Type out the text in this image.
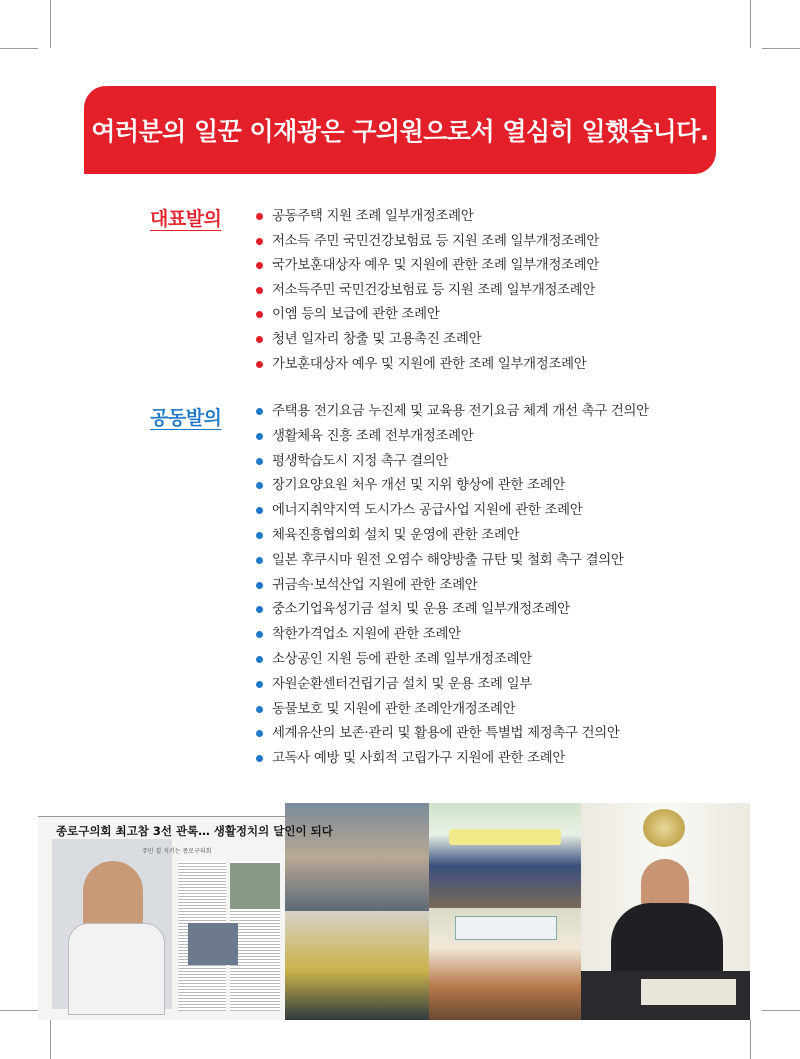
여러분의 일꾼 이재광은 구의원으로서 열심히 일했습니다.
대표발의	공동주택 지원 조례 일부개정조례안
저소득 주민 국민건강보험료 등 지원 조례 일부개정조례안
국가보훈대상자 예우 및 지원에 관한 조례 일부개정조례안
저소득주민 국민건강보험료 등 지원 조례 일부개정조례안
이엠 등의 보급에 관한 조례안
청년 일자리 창출 및 고용촉진 조례안
가보훈대상자 예우 및 지원에 관한 조례 일부개정조례안
공동발의	주택용 전기요금 누진제 및 교육용 전기요금 체계 개선 촉구 건의안
생활체육 진흥 조례 전부개정조례안
평생학습도시 지정 촉구 결의안
장기요양요원 처우 개선 및 지위 향상에 관한 조례안
에너지취약지역 도시가스 공급사업 지원에 관한 조례안
체육진흥협의회 설치 및 운영에 관한 조례안
일본 후쿠시마 원전 오염수 해양방출 규탄 및 철회 촉구 결의안
귀금속·보석산업 지원에 관한 조례안
중소기업육성기금 설치 및 운용 조례 일부개정조례안
착한가격업소 지원에 관한 조례안
소상공인 지원 등에 관한 조례 일부개정조례안
자원순환센터건립기금 설치 및 운용 조례 일부
동물보호 및 지원에 관한 조례안개정조례안
세계유산의 보존·관리 및 활용에 관한 특별법 제정촉구 건의안
고독사 예방 및 사회적 고립가구 지원에 관한 조례안
종로구의회 최고참 3선 관록… 생활정치의 달인이 되다
주민 곁 지키는 종로구의회
